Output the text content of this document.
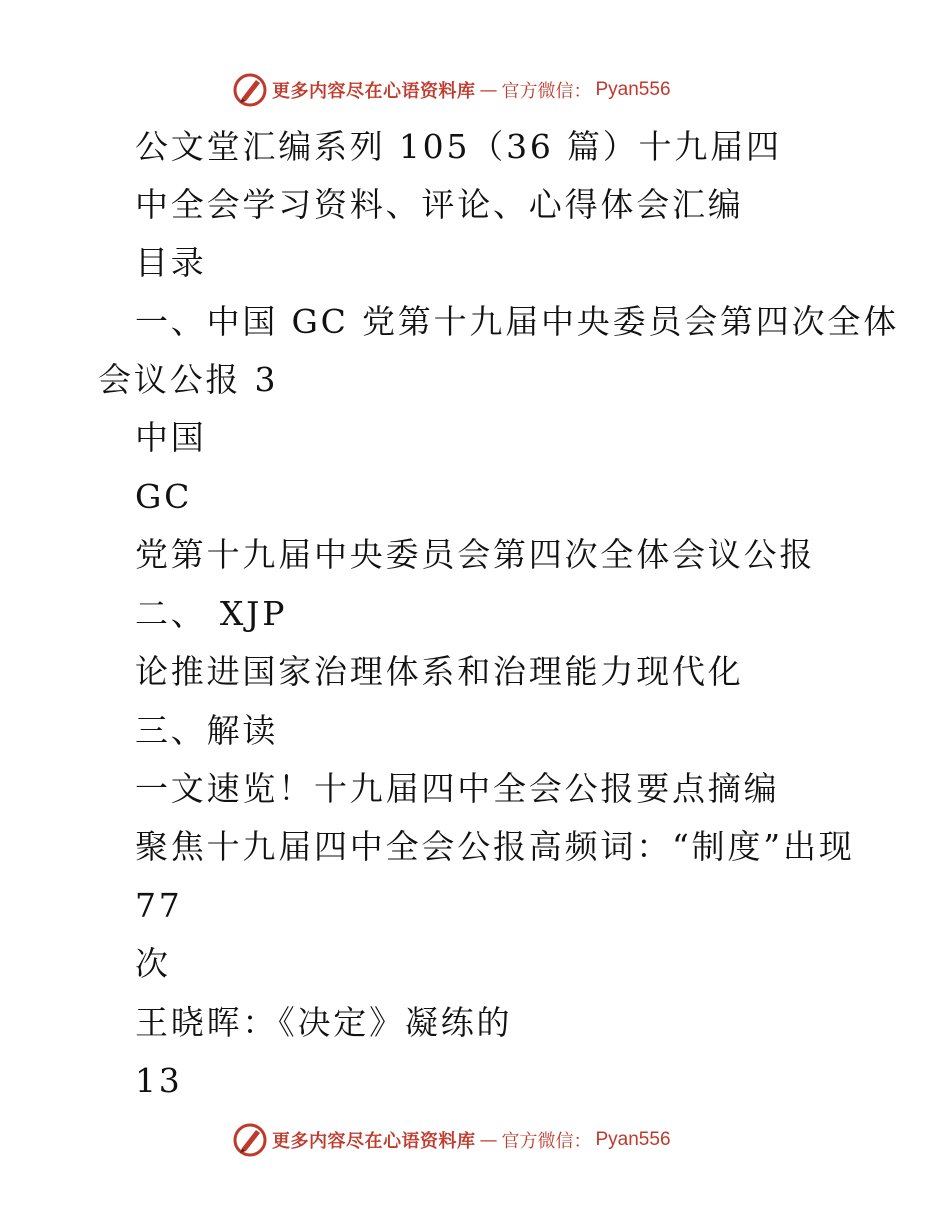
更多内容尽在心语资料库 — 官方微信： Pyan556
公文堂汇编系列 105（36 篇）十九届四
中全会学习资料、评论、心得体会汇编
目录
一、中国 GC 党第十九届中央委员会第四次全体
会议公报 3
中国
GC
党第十九届中央委员会第四次全体会议公报
二、 XJP
论推进国家治理体系和治理能力现代化
三、解读
一文速览！十九届四中全会公报要点摘编
聚焦十九届四中全会公报高频词：“制度”出现
77
次
王晓晖：《决定》凝练的
13
更多内容尽在心语资料库 — 官方微信： Pyan556
